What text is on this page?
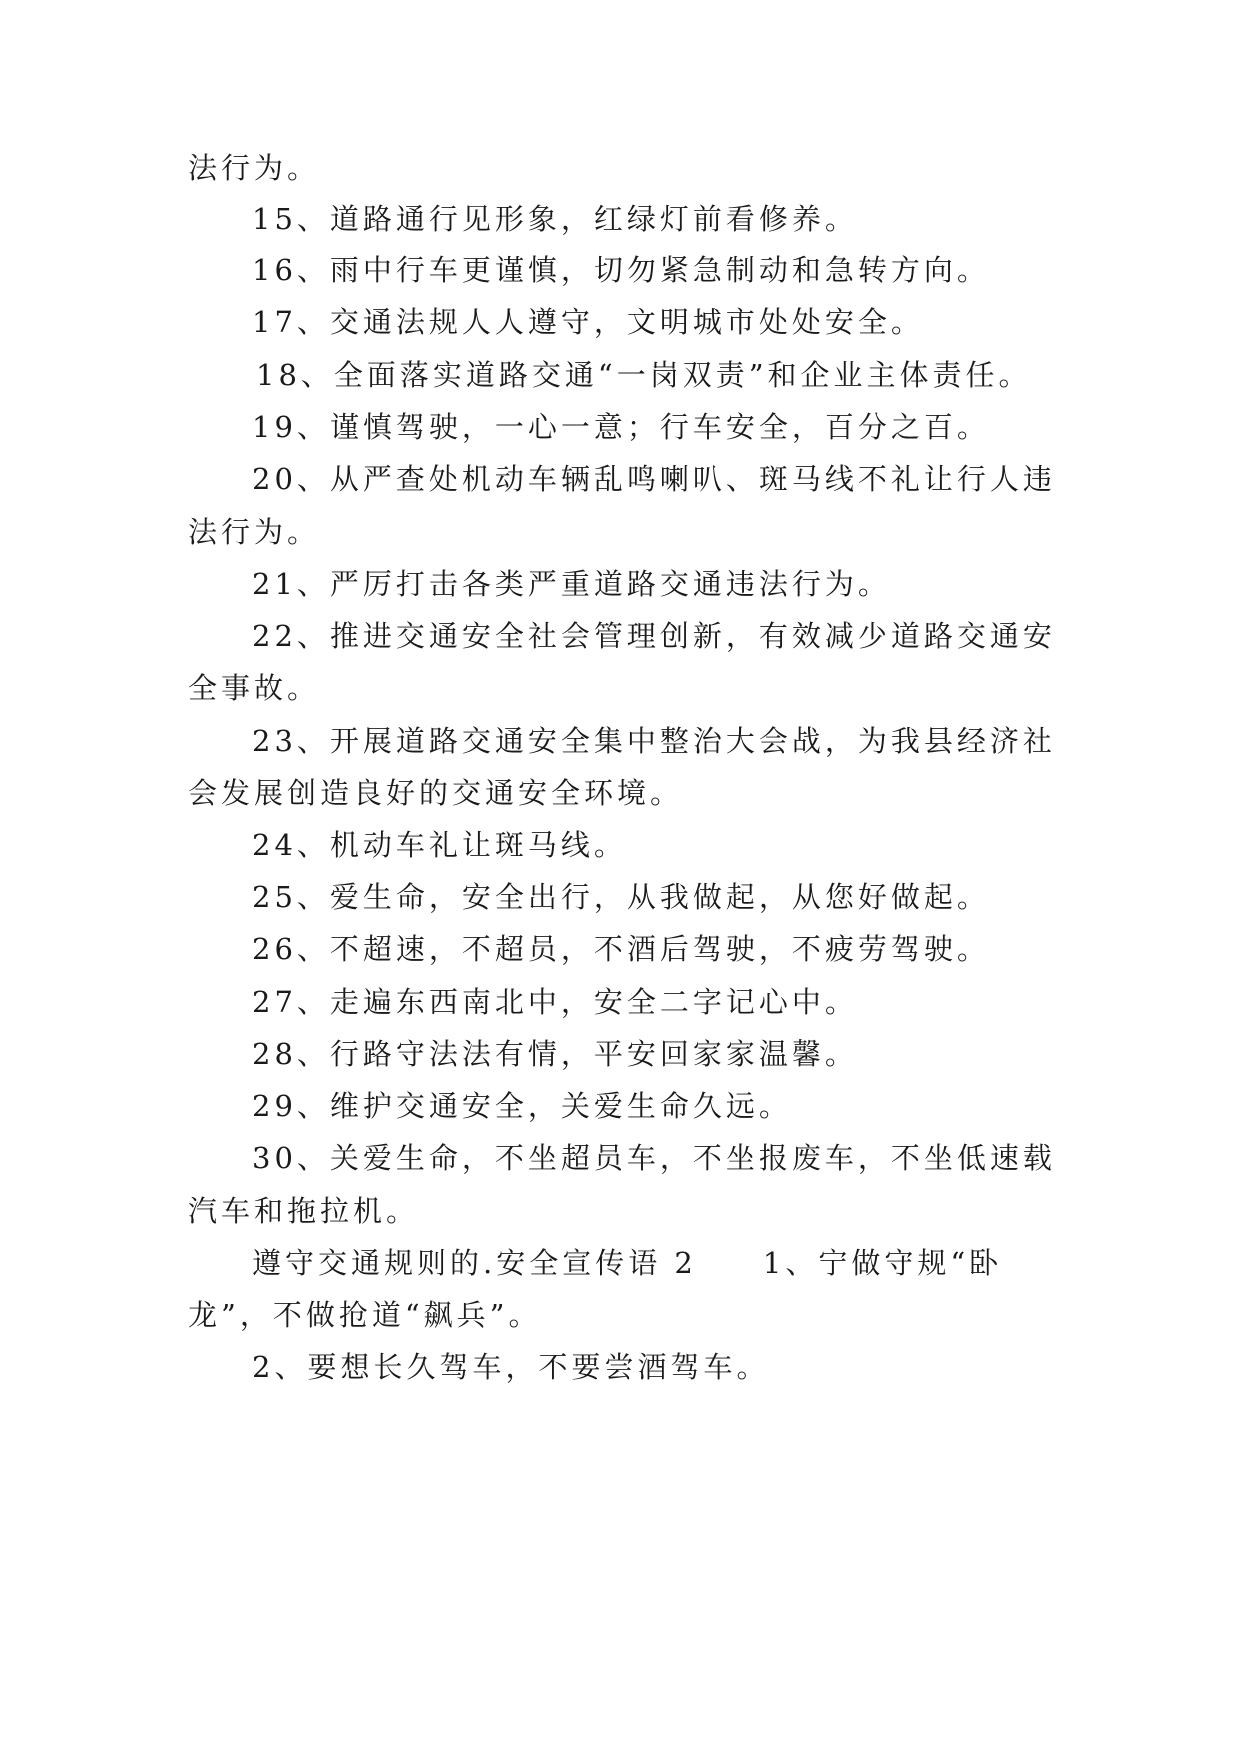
法行为。
15、道路通行见形象，红绿灯前看修养。
16、雨中行车更谨慎，切勿紧急制动和急转方向。
17、交通法规人人遵守，文明城市处处安全。
18、全面落实道路交通“一岗双责”和企业主体责任。
19、谨慎驾驶，一心一意；行车安全，百分之百。
20、从严查处机动车辆乱鸣喇叭、斑马线不礼让行人违
法行为。
21、严厉打击各类严重道路交通违法行为。
22、推进交通安全社会管理创新，有效减少道路交通安
全事故。
23、开展道路交通安全集中整治大会战，为我县经济社
会发展创造良好的交通安全环境。
24、机动车礼让斑马线。
25、爱生命，安全出行，从我做起，从您好做起。
26、不超速，不超员，不酒后驾驶，不疲劳驾驶。
27、走遍东西南北中，安全二字记心中。
28、行路守法法有情，平安回家家温馨。
29、维护交通安全，关爱生命久远。
30、关爱生命，不坐超员车，不坐报废车，不坐低速载
汽车和拖拉机。
遵守交通规则的.安全宣传语 2　　1、宁做守规“卧
龙”，不做抢道“飙兵”。
2、要想长久驾车，不要尝酒驾车。
